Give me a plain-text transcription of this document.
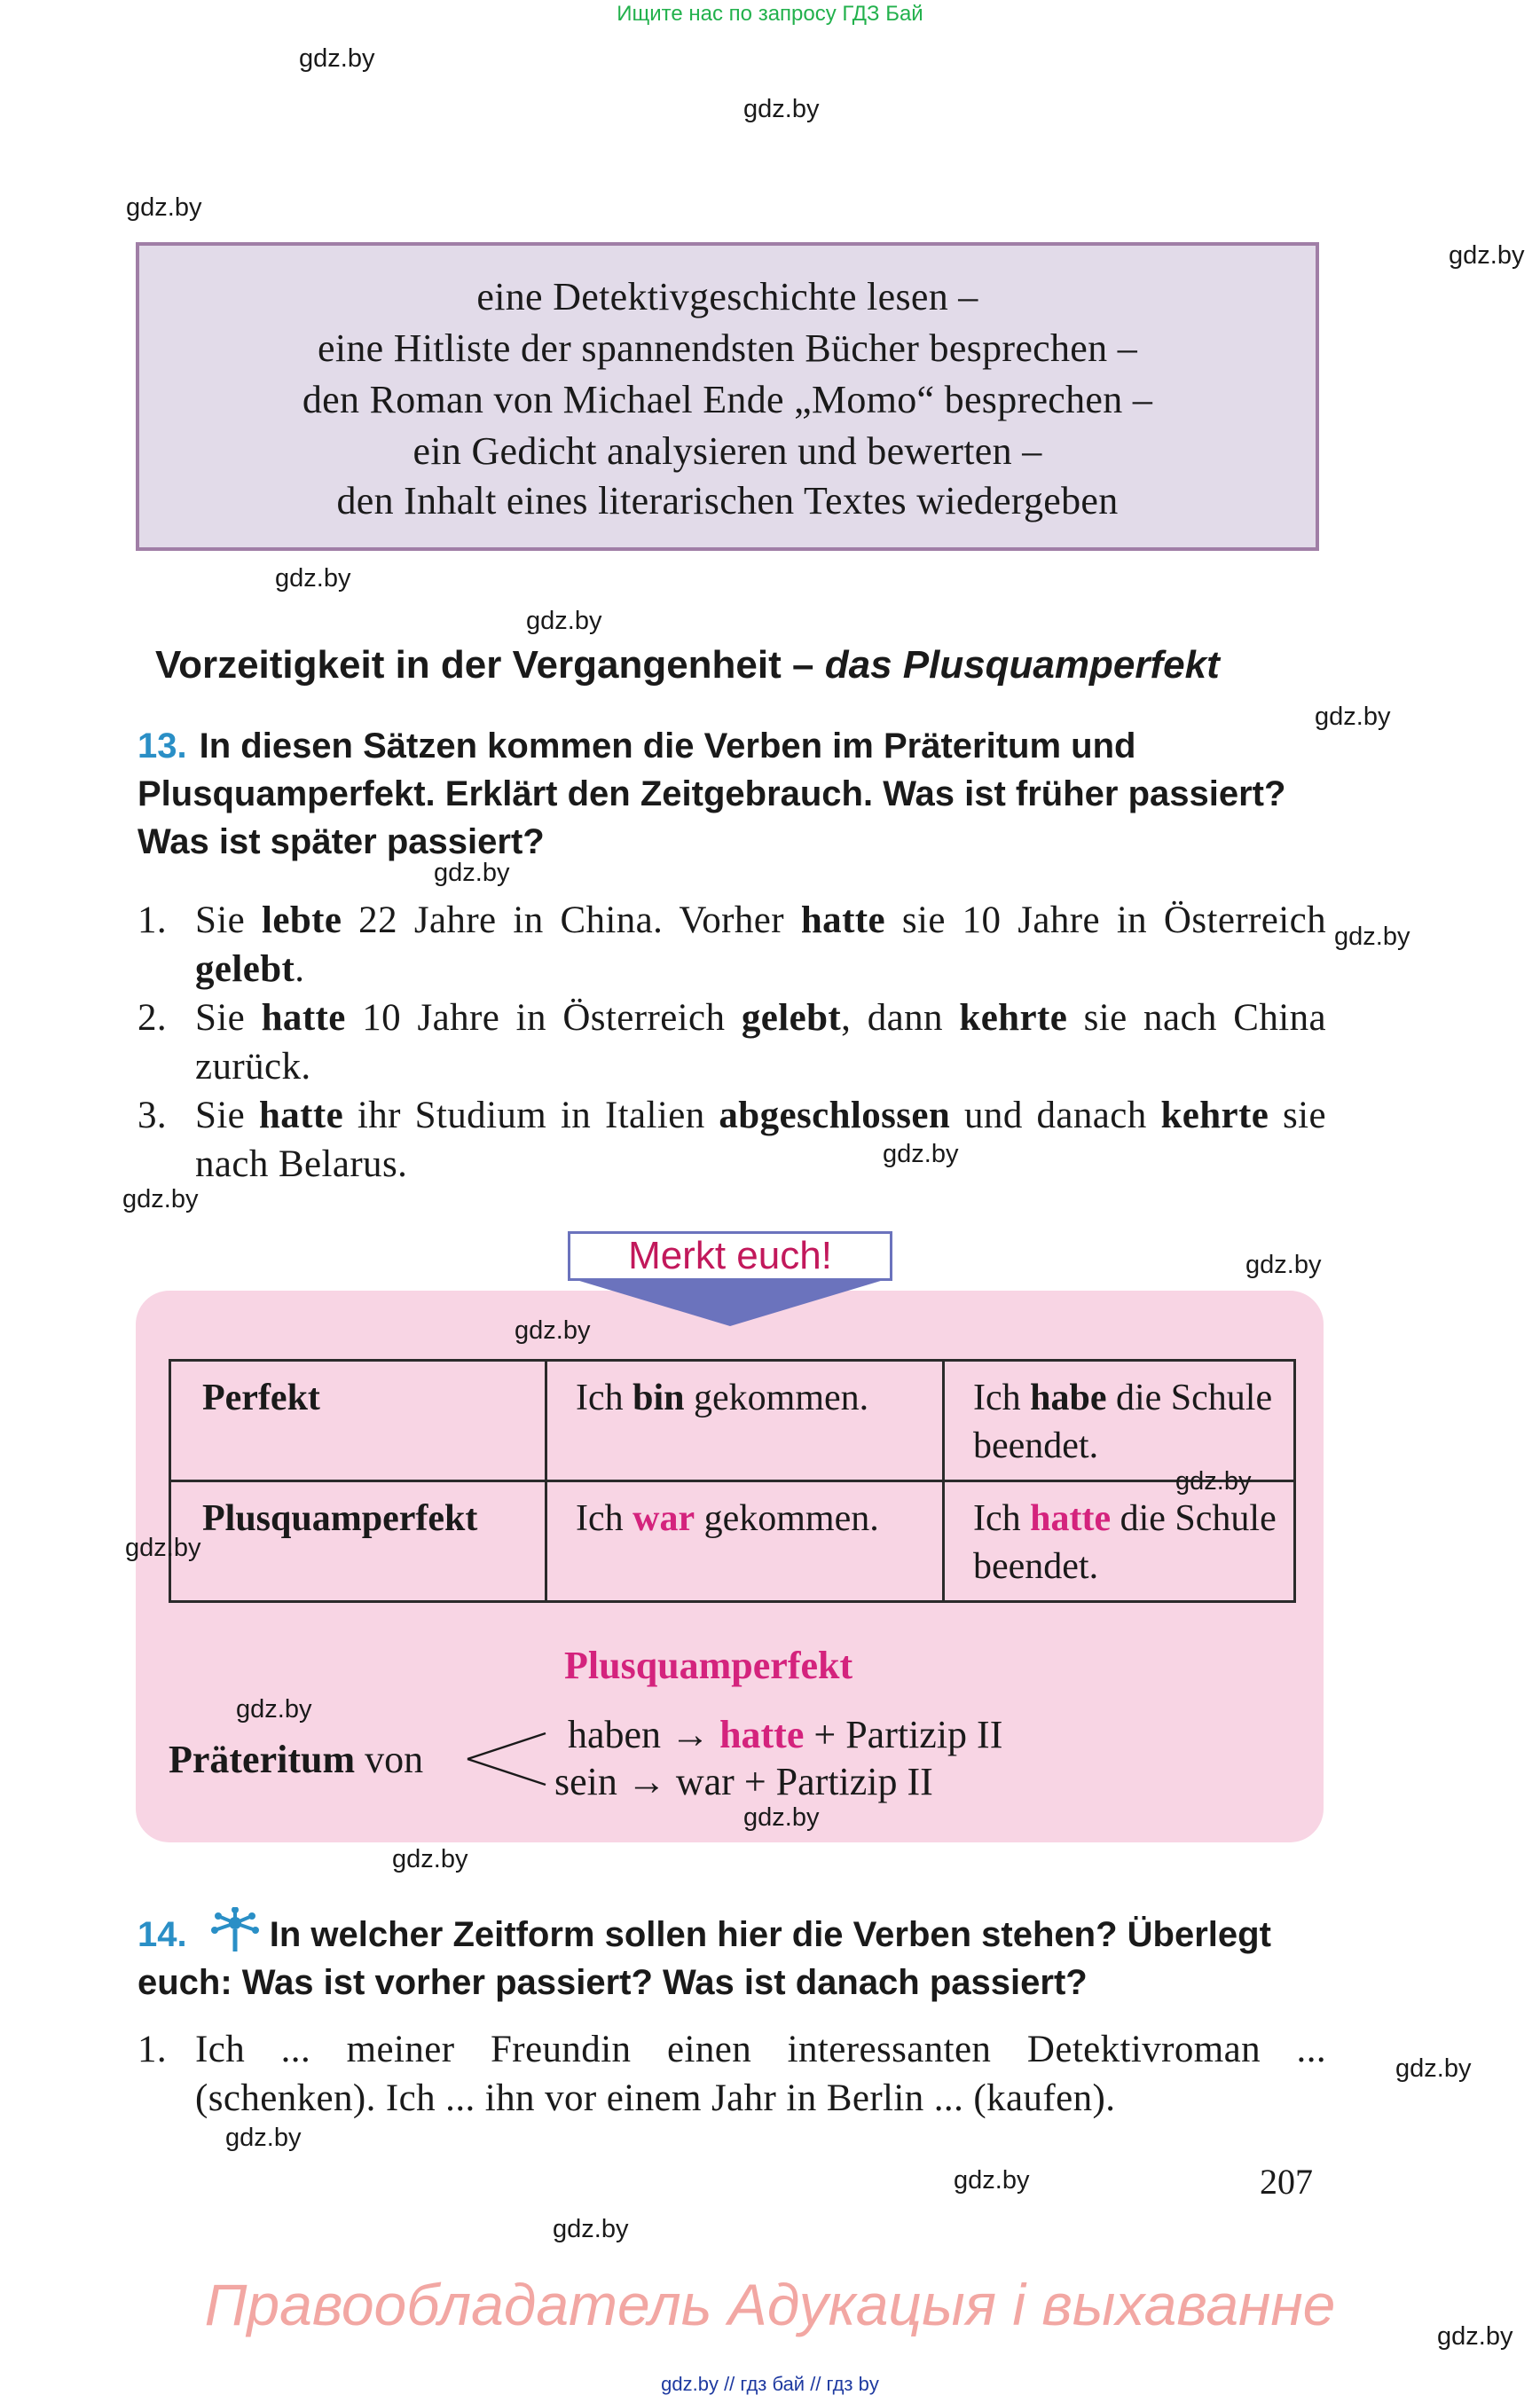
Ищите нас по запросу ГДЗ Бай
gdz.by
gdz.by
gdz.by
gdz.by
gdz.by
gdz.by
gdz.by
gdz.by
gdz.by
gdz.by
gdz.by
gdz.by
eine Detektivgeschichte lesen –
eine Hitliste der spannendsten Bücher besprechen –
den Roman von Michael Ende „Momo“ besprechen –
ein Gedicht analysieren und bewerten –
den Inhalt eines literarischen Textes wiedergeben
Vorzeitigkeit in der Vergangenheit – das Plusquamperfekt
13. In diesen Sätzen kommen die Verben im Präteritum und Plusquamperfekt. Erklärt den Zeitgebrauch. Was ist früher passiert? Was ist später passiert?
1. Sie lebte 22 Jahre in China. Vorher hatte sie 10 Jahre in Österreich gelebt.
2. Sie hatte 10 Jahre in Österreich gelebt, dann kehrte sie nach China zurück.
3. Sie hatte ihr Studium in Italien abgeschlossen und danach kehrte sie nach Belarus.
Merkt euch!
gdz.by
Perfekt	Ich bin gekommen.	Ich habe die Schule beendet.
Plusquamperfekt	Ich war gekommen.	Ich hatte die Schule beendet.
gdz.by
gdz.by
Plusquamperfekt
gdz.by
Präteritum von
haben → hatte + Partizip II
sein → war + Partizip II
gdz.by
gdz.by
14. In welcher Zeitform sollen hier die Verben stehen? Überlegt euch: Was ist vorher passiert? Was ist danach passiert?
1. Ich ... meiner Freundin einen interessanten Detektivroman ... (schenken). Ich ... ihn vor einem Jahr in Berlin ... (kaufen).
gdz.by
gdz.by
gdz.by	207
gdz.by
Правообладатель Адукацыя і выхаванне	gdz.by
gdz.by // гдз бай // гдз by
